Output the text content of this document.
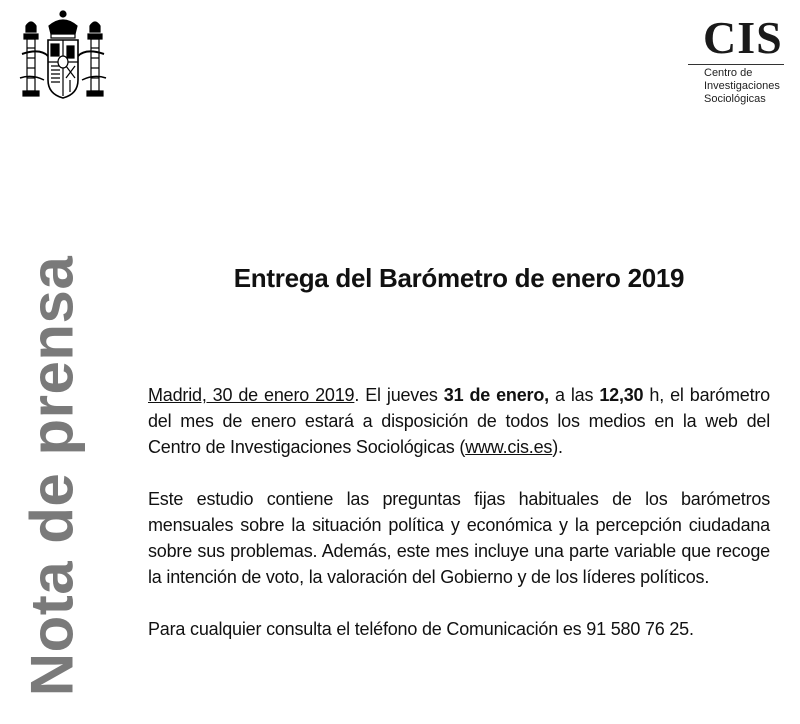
CIS
Centro de
Investigaciones
Sociológicas
Nota de prensa	Entrega del Barómetro de enero 2019

Madrid, 30 de enero 2019. El jueves 31 de enero, a las 12,30 h, el barómetro del mes de enero estará a disposición de todos los medios en la web del Centro de Investigaciones Sociológicas (www.cis.es).

Este estudio contiene las preguntas fijas habituales de los barómetros mensuales sobre la situación política y económica y la percepción ciudadana sobre sus problemas. Además, este mes incluye una parte variable que recoge la intención de voto, la valoración del Gobierno y de los líderes políticos.

Para cualquier consulta el teléfono de Comunicación es 91 580 76 25.
